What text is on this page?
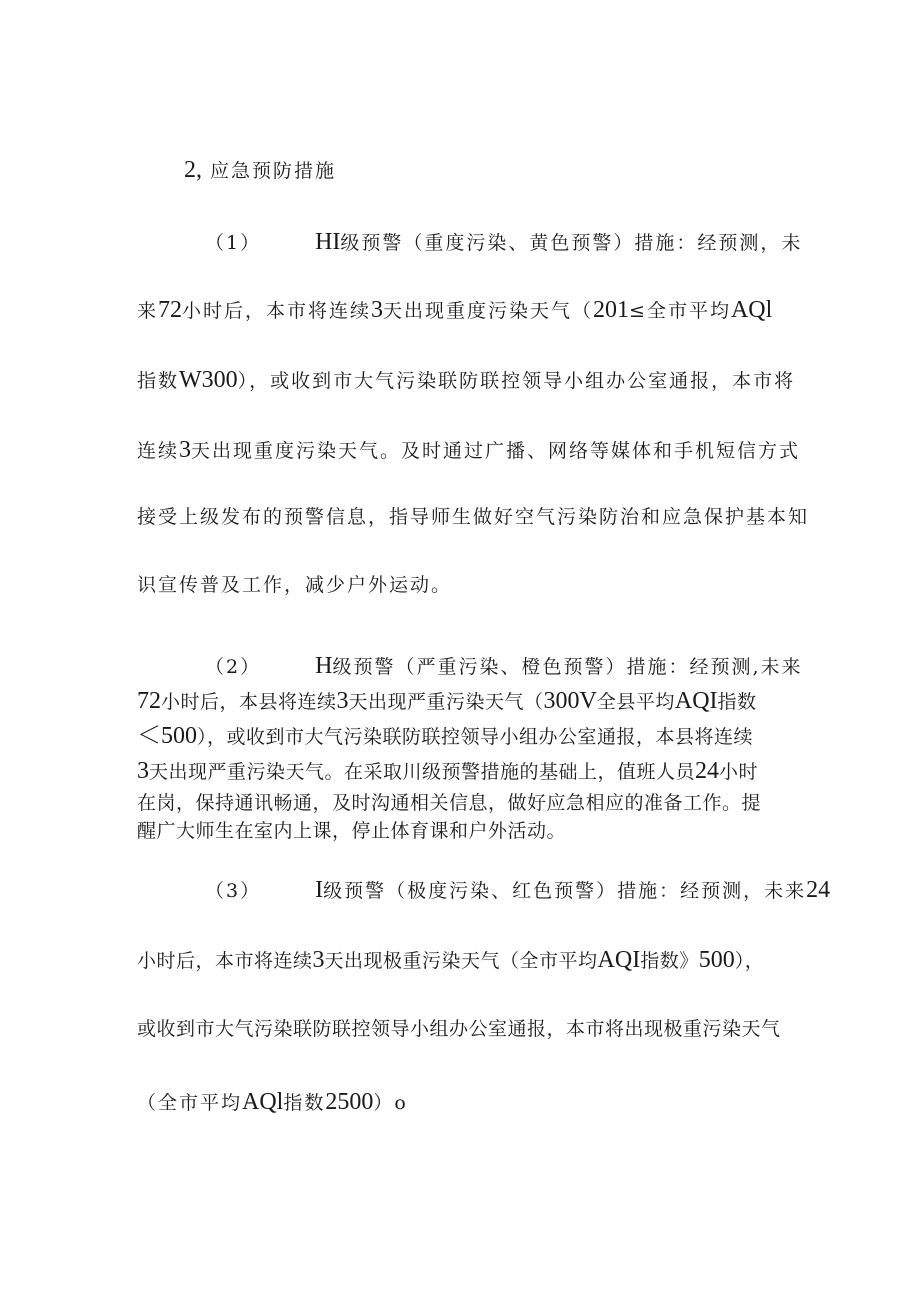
2, 应急预防措施
（1） HI级预警（重度污染、黄色预警）措施：经预测，未
来72小时后，本市将连续3天出现重度污染天气（201≤全市平均AQl
指数W300），或收到市大气污染联防联控领导小组办公室通报，本市将
连续3天出现重度污染天气。及时通过广播、网络等媒体和手机短信方式
接受上级发布的预警信息，指导师生做好空气污染防治和应急保护基本知
识宣传普及工作，减少户外运动。
（2） H级预警（严重污染、橙色预警）措施：经预测,未来
72小时后，本县将连续3天出现严重污染天气（300V全县平均AQI指数
＜500），或收到市大气污染联防联控领导小组办公室通报，本县将连续
3天出现严重污染天气。在采取川级预警措施的基础上，值班人员24小时
在岗，保持通讯畅通，及时沟通相关信息，做好应急相应的准备工作。提
醒广大师生在室内上课，停止体育课和户外活动。
（3） I级预警（极度污染、红色预警）措施：经预测，未来24
小时后，本市将连续3天出现极重污染天气（全市平均AQI指数》500），
或收到市大气污染联防联控领导小组办公室通报，本市将出现极重污染天气
（全市平均AQl指数2500）o
